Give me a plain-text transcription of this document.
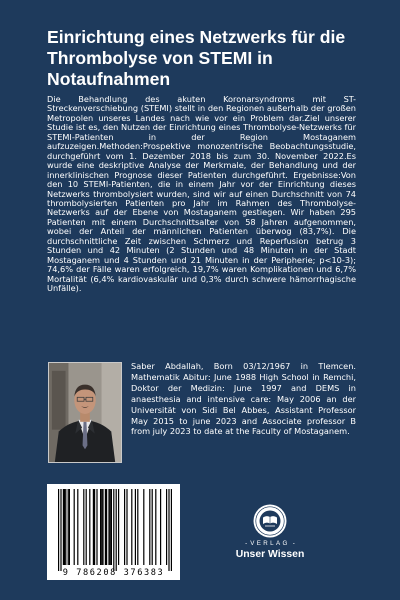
Einrichtung eines Netzwerks für die Thrombolyse von STEMI in Notaufnahmen

Die Behandlung des akuten Koronarsyndroms mit ST-Streckenverschiebung (STEMI) stellt in den Regionen außerhalb der großen Metropolen unseres Landes nach wie vor ein Problem dar.Ziel unserer Studie ist es, den Nutzen der Einrichtung eines Thrombolyse-Netzwerks für STEMI-Patienten in der Region Mostaganem aufzuzeigen.Methoden:Prospektive monozentrische Beobachtungsstudie, durchgeführt vom 1. Dezember 2018 bis zum 30. November 2022.Es wurde eine deskriptive Analyse der Merkmale, der Behandlung und der innerklinischen Prognose dieser Patienten durchgeführt. Ergebnisse:Von den 10 STEMI-Patienten, die in einem Jahr vor der Einrichtung dieses Netzwerks thrombolysiert wurden, sind wir auf einen Durchschnitt von 74 thrombolysierten Patienten pro Jahr im Rahmen des Thrombolyse-Netzwerks auf der Ebene von Mostaganem gestiegen. Wir haben 295 Patienten mit einem Durchschnittsalter von 58 Jahren aufgenommen, wobei der Anteil der männlichen Patienten überwog (83,7%). Die durchschnittliche Zeit zwischen Schmerz und Reperfusion betrug 3 Stunden und 42 Minuten (2 Stunden und 48 Minuten in der Stadt Mostaganem und 4 Stunden und 21 Minuten in der Peripherie; p<10-3); 74,6% der Fälle waren erfolgreich, 19,7% waren Komplikationen und 6,7% Mortalität (6,4% kardiovaskulär und 0,3% durch schwere hämorrhagische Unfälle).

Saber Abdallah, Born 03/12/1967 in Tlemcen. Mathematik Abitur: June 1988 High School in Remchi, Doktor der Medizin: June 1997 and DEMS in anaesthesia and intensive care: May 2006 an der Universität von Sidi Bel Abbes, Assistant Professor May 2015 to june 2023 and Associate professor B from july 2023 to date at the Faculty of Mostaganem.

9 786208 376383
- VERLAG -
Unser Wissen
